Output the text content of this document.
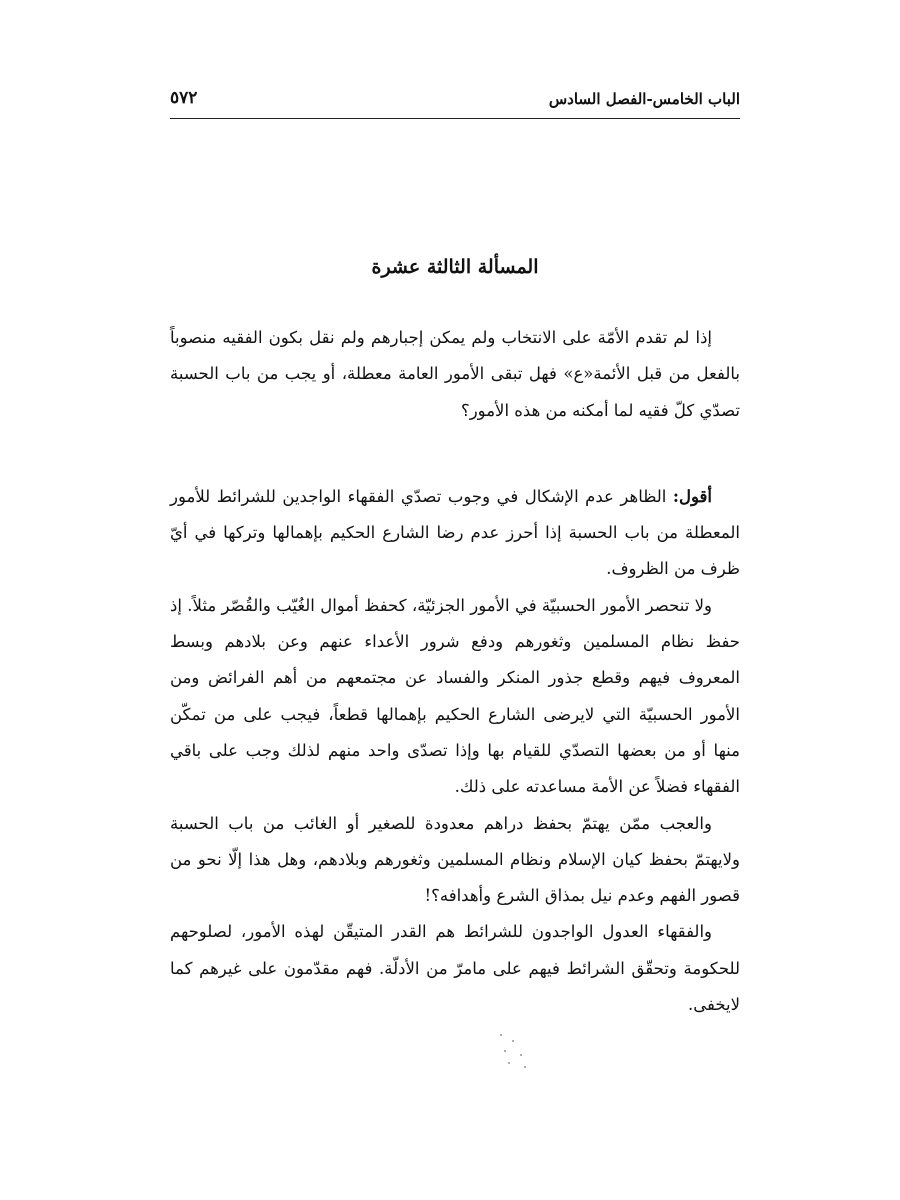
الباب الخامس-الفصل السادس
٥٧٢
المسألة الثالثة عشرة

إذا لم تقدم الأمّة على الانتخاب ولم يمكن إجبارهم ولم نقل بكون الفقيه منصوباً بالفعل من قبل الأئمة«ع» فهل تبقى الأمور العامة معطلة، أو يجب من باب الحسبة تصدّي كلّ فقيه لما أمكنه من هذه الأمور؟

أقول: الظاهر عدم الإشكال في وجوب تصدّي الفقهاء الواجدين للشرائط للأمور المعطلة من باب الحسبة إذا أحرز عدم رضا الشارع الحكيم بإهمالها وتركها في أيّ ظرف من الظروف.

ولا تنحصر الأمور الحسبيّة في الأمور الجزئيّة، كحفظ أموال الغُيّب والقُصّر مثلاً. إذ حفظ نظام المسلمين وثغورهم ودفع شرور الأعداء عنهم وعن بلادهم وبسط المعروف فيهم وقطع جذور المنكر والفساد عن مجتمعهم من أهم الفرائض ومن الأمور الحسبيّة التي لايرضى الشارع الحكيم بإهمالها قطعاً، فيجب على من تمكّن منها أو من بعضها التصدّي للقيام بها وإذا تصدّى واحد منهم لذلك وجب على باقي الفقهاء فضلاً عن الأمة مساعدته على ذلك.

والعجب ممّن يهتمّ بحفظ دراهم معدودة للصغير أو الغائب من باب الحسبة ولايهتمّ بحفظ كيان الإسلام ونظام المسلمين وثغورهم وبلادهم، وهل هذا إلّا نحو من قصور الفهم وعدم نيل بمذاق الشرع وأهدافه؟!

والفقهاء العدول الواجدون للشرائط هم القدر المتيقّن لهذه الأمور، لصلوحهم للحكومة وتحقّق الشرائط فيهم على مامرّ من الأدلّة. فهم مقدّمون على غيرهم كما لايخفى.
